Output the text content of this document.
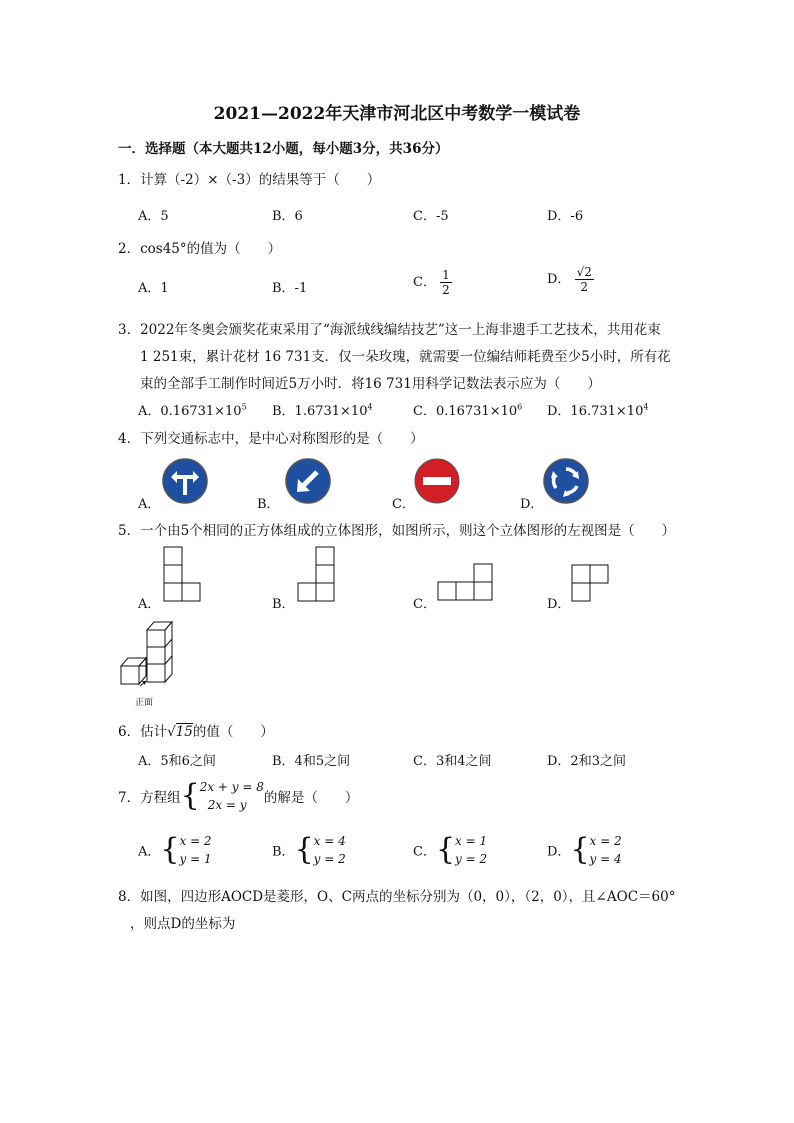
2021—2022年天津市河北区中考数学一模试卷
一．选择题（本大题共12小题，每小题3分，共36分）
1．计算（-2）×（-3）的结果等于（　　）
A．5	B．6	C．-5	D．-6
2．cos45°的值为（　　）
A．1	B．-1	C． $\frac{1}{2}$	D． $\frac{√2}{2}$
3．2022年冬奥会颁奖花束采用了“海派绒线编结技艺”这一上海非遗手工艺技术，共用花束
1 251束，累计花材 16 731支．仅一朵玫瑰，就需要一位编结师耗费至少5小时，所有花
束的全部手工制作时间近5万小时．将16 731用科学记数法表示应为（　　）
A．$0.16731\times 10^5$ B．$1.6731\times 10^4$	C．$0.16731\times 10^6$ D．$16.731\times 10^4$
4．下列交通标志中，是中心对称图形的是（　　）
A．	B．	C．	D．
5．一个由5个相同的正方体组成的立体图形，如图所示，则这个立体图形的左视图是（　　）
A．	B．	C．	D．
正面
6．估计√15的值（　　）
A．5和6之间	B．4和5之间	C．3和4之间	D．2和3之间
7．方程组{ 2x + y = 8
2x = y	的解是（　　）
A．{ x = 2
y = 1	B．{ x = 4
y = 2	C．{ x = 1
y = 2	D．{ x = 2
y = 4
8．如图，四边形AOCD是菱形，O、C两点的坐标分别为（0，0），（2，0），且∠AOC＝60°
，则点D的坐标为
